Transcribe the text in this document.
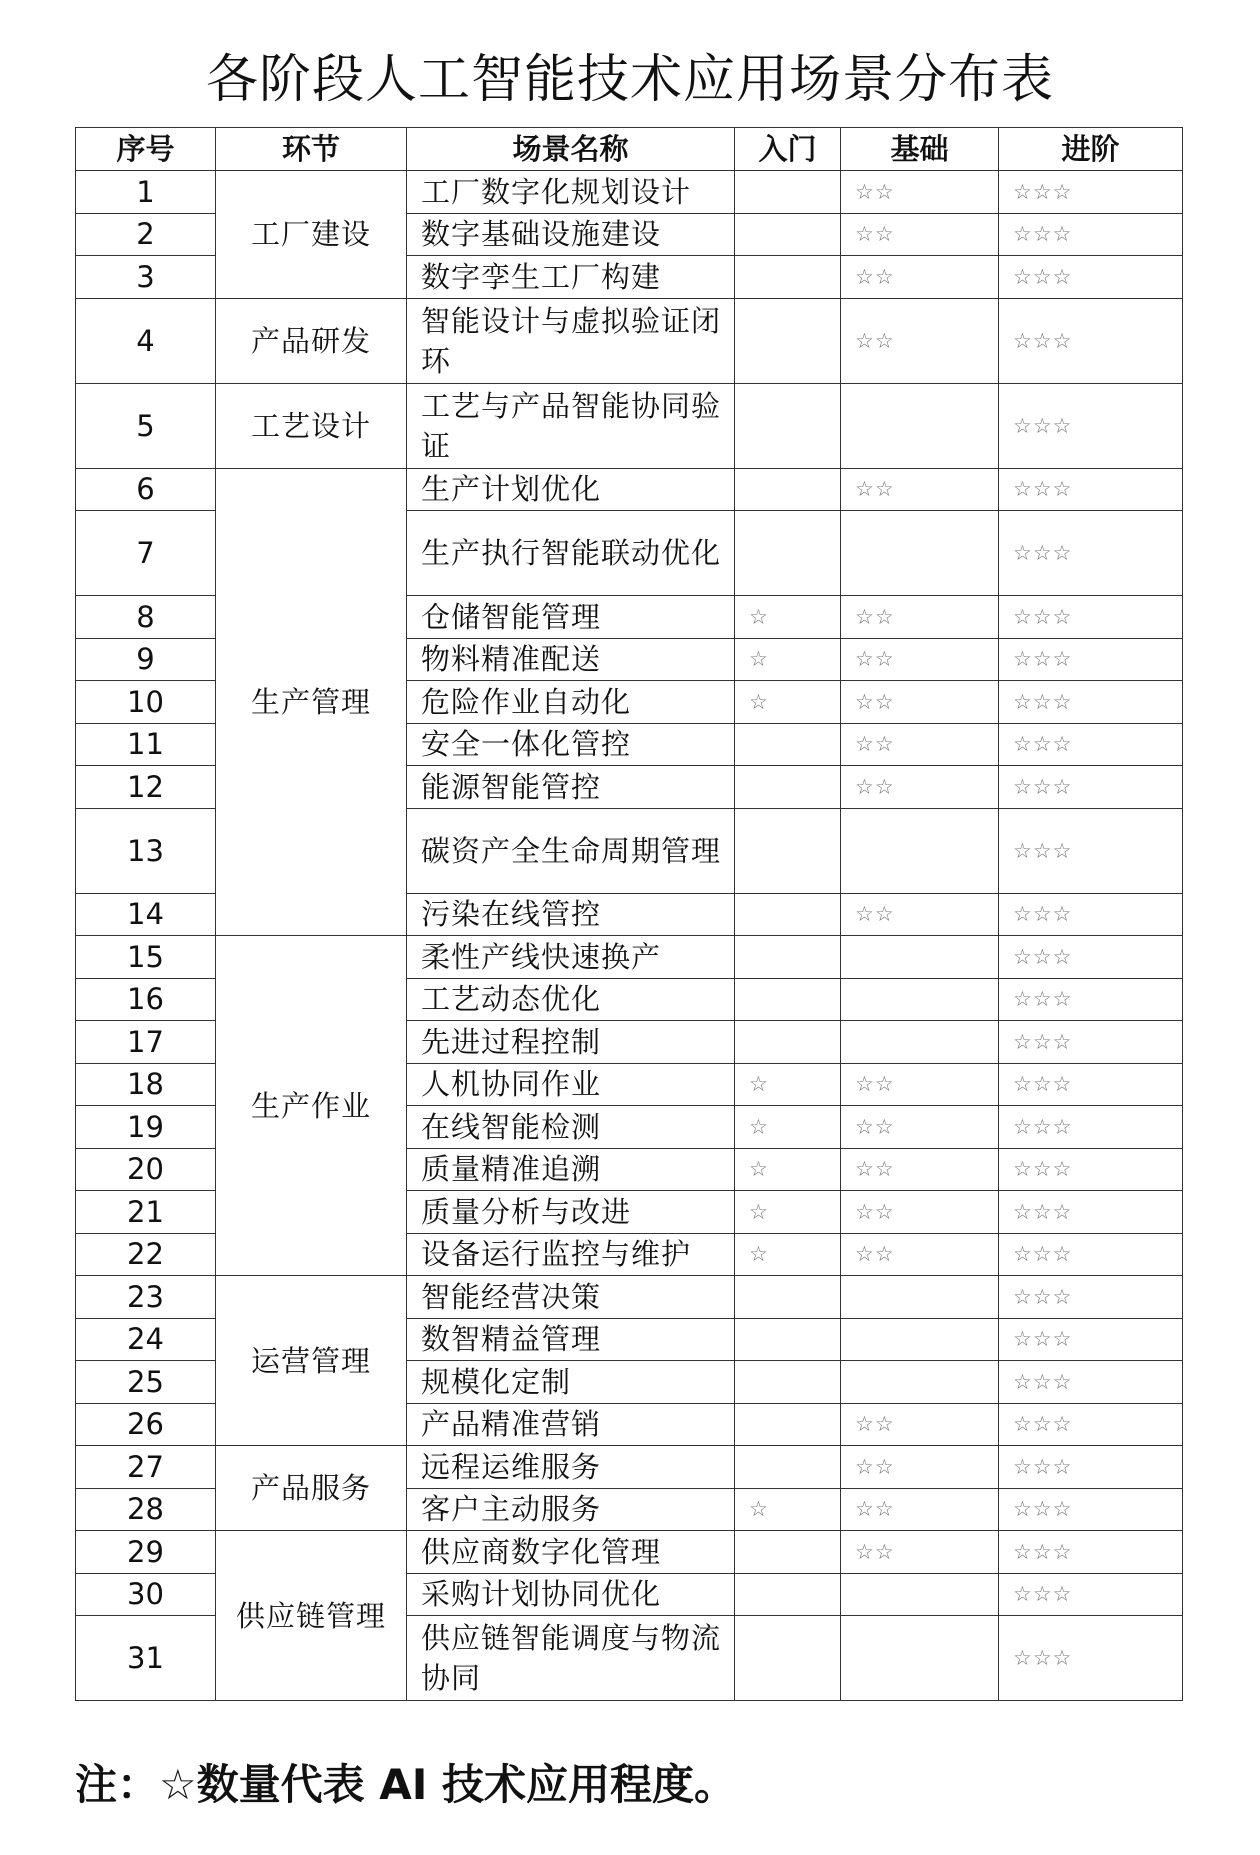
各阶段人工智能技术应用场景分布表
序号	环节	场景名称	入门	基础	进阶
1	工厂建设	工厂数字化规划设计		☆☆	☆☆☆
2		数字基础设施建设		☆☆	☆☆☆
3		数字孪生工厂构建		☆☆	☆☆☆
4	产品研发	智能设计与虚拟验证闭环		☆☆	☆☆☆
5	工艺设计	工艺与产品智能协同验证			☆☆☆
6	生产管理	生产计划优化		☆☆	☆☆☆
7		生产执行智能联动优化			☆☆☆
8		仓储智能管理	☆	☆☆	☆☆☆
9		物料精准配送	☆	☆☆	☆☆☆
10		危险作业自动化	☆	☆☆	☆☆☆
11		安全一体化管控		☆☆	☆☆☆
12		能源智能管控		☆☆	☆☆☆
13		碳资产全生命周期管理			☆☆☆
14		污染在线管控		☆☆	☆☆☆
15	生产作业	柔性产线快速换产			☆☆☆
16		工艺动态优化			☆☆☆
17		先进过程控制			☆☆☆
18		人机协同作业	☆	☆☆	☆☆☆
19		在线智能检测	☆	☆☆	☆☆☆
20		质量精准追溯	☆	☆☆	☆☆☆
21		质量分析与改进	☆	☆☆	☆☆☆
22		设备运行监控与维护	☆	☆☆	☆☆☆
23	运营管理	智能经营决策			☆☆☆
24		数智精益管理			☆☆☆
25		规模化定制			☆☆☆
26		产品精准营销		☆☆	☆☆☆
27	产品服务	远程运维服务		☆☆	☆☆☆
28		客户主动服务	☆	☆☆	☆☆☆
29	供应链管理	供应商数字化管理		☆☆	☆☆☆
30		采购计划协同优化			☆☆☆
31		供应链智能调度与物流协同			☆☆☆
注：☆数量代表 AI 技术应用程度。
